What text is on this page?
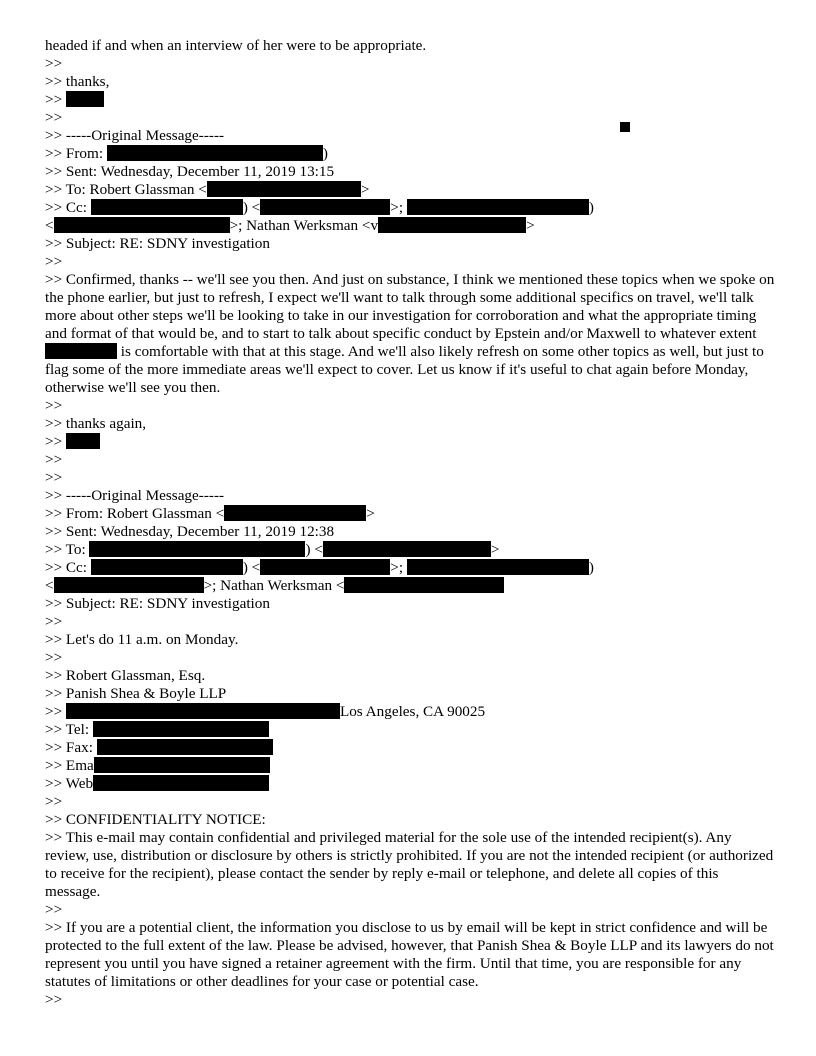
headed if and when an interview of her were to be appropriate.
>>
>> thanks,
>>
>>
>> -----Original Message-----
>> From:	)
>> Sent: Wednesday, December 11, 2019 13:15
>> To: Robert Glassman <	>
>> Cc:	) <	>;	)
<	>; Nathan Werksman <v	>
>> Subject: RE: SDNY investigation
>>
>> Confirmed, thanks -- we'll see you then. And just on substance, I think we mentioned these topics when we spoke on the phone earlier, but just to refresh, I expect we'll want to talk through some additional specifics on travel, we'll talk more about other steps we'll be looking to take in our investigation for corroboration and what the appropriate timing and format of that would be, and to start to talk about specific conduct by Epstein and/or Maxwell to whatever extent  is comfortable with that at this stage. And we'll also likely refresh on some other topics as well, but just to flag some of the more immediate areas we'll expect to cover. Let us know if it's useful to chat again before Monday, otherwise we'll see you then.
>>
>> thanks again,
>>
>>
>>
>> -----Original Message-----
>> From: Robert Glassman <	>
>> Sent: Wednesday, December 11, 2019 12:38
>> To:	) <	>
>> Cc:	) <	>;	)
<	>; Nathan Werksman <
>> Subject: RE: SDNY investigation
>>
>> Let's do 11 a.m. on Monday.
>>
>> Robert Glassman, Esq.
>> Panish Shea & Boyle LLP
>>	Los Angeles, CA 90025
>> Tel:
>> Fax:
>> Ema
>> Web
>>
>> CONFIDENTIALITY NOTICE:
>> This e-mail may contain confidential and privileged material for the sole use of the intended recipient(s). Any review, use, distribution or disclosure by others is strictly prohibited. If you are not the intended recipient (or authorized to receive for the recipient), please contact the sender by reply e-mail or telephone, and delete all copies of this message.
>>
>> If you are a potential client, the information you disclose to us by email will be kept in strict confidence and will be protected to the full extent of the law. Please be advised, however, that Panish Shea & Boyle LLP and its lawyers do not represent you until you have signed a retainer agreement with the firm. Until that time, you are responsible for any statutes of limitations or other deadlines for your case or potential case.
>>
